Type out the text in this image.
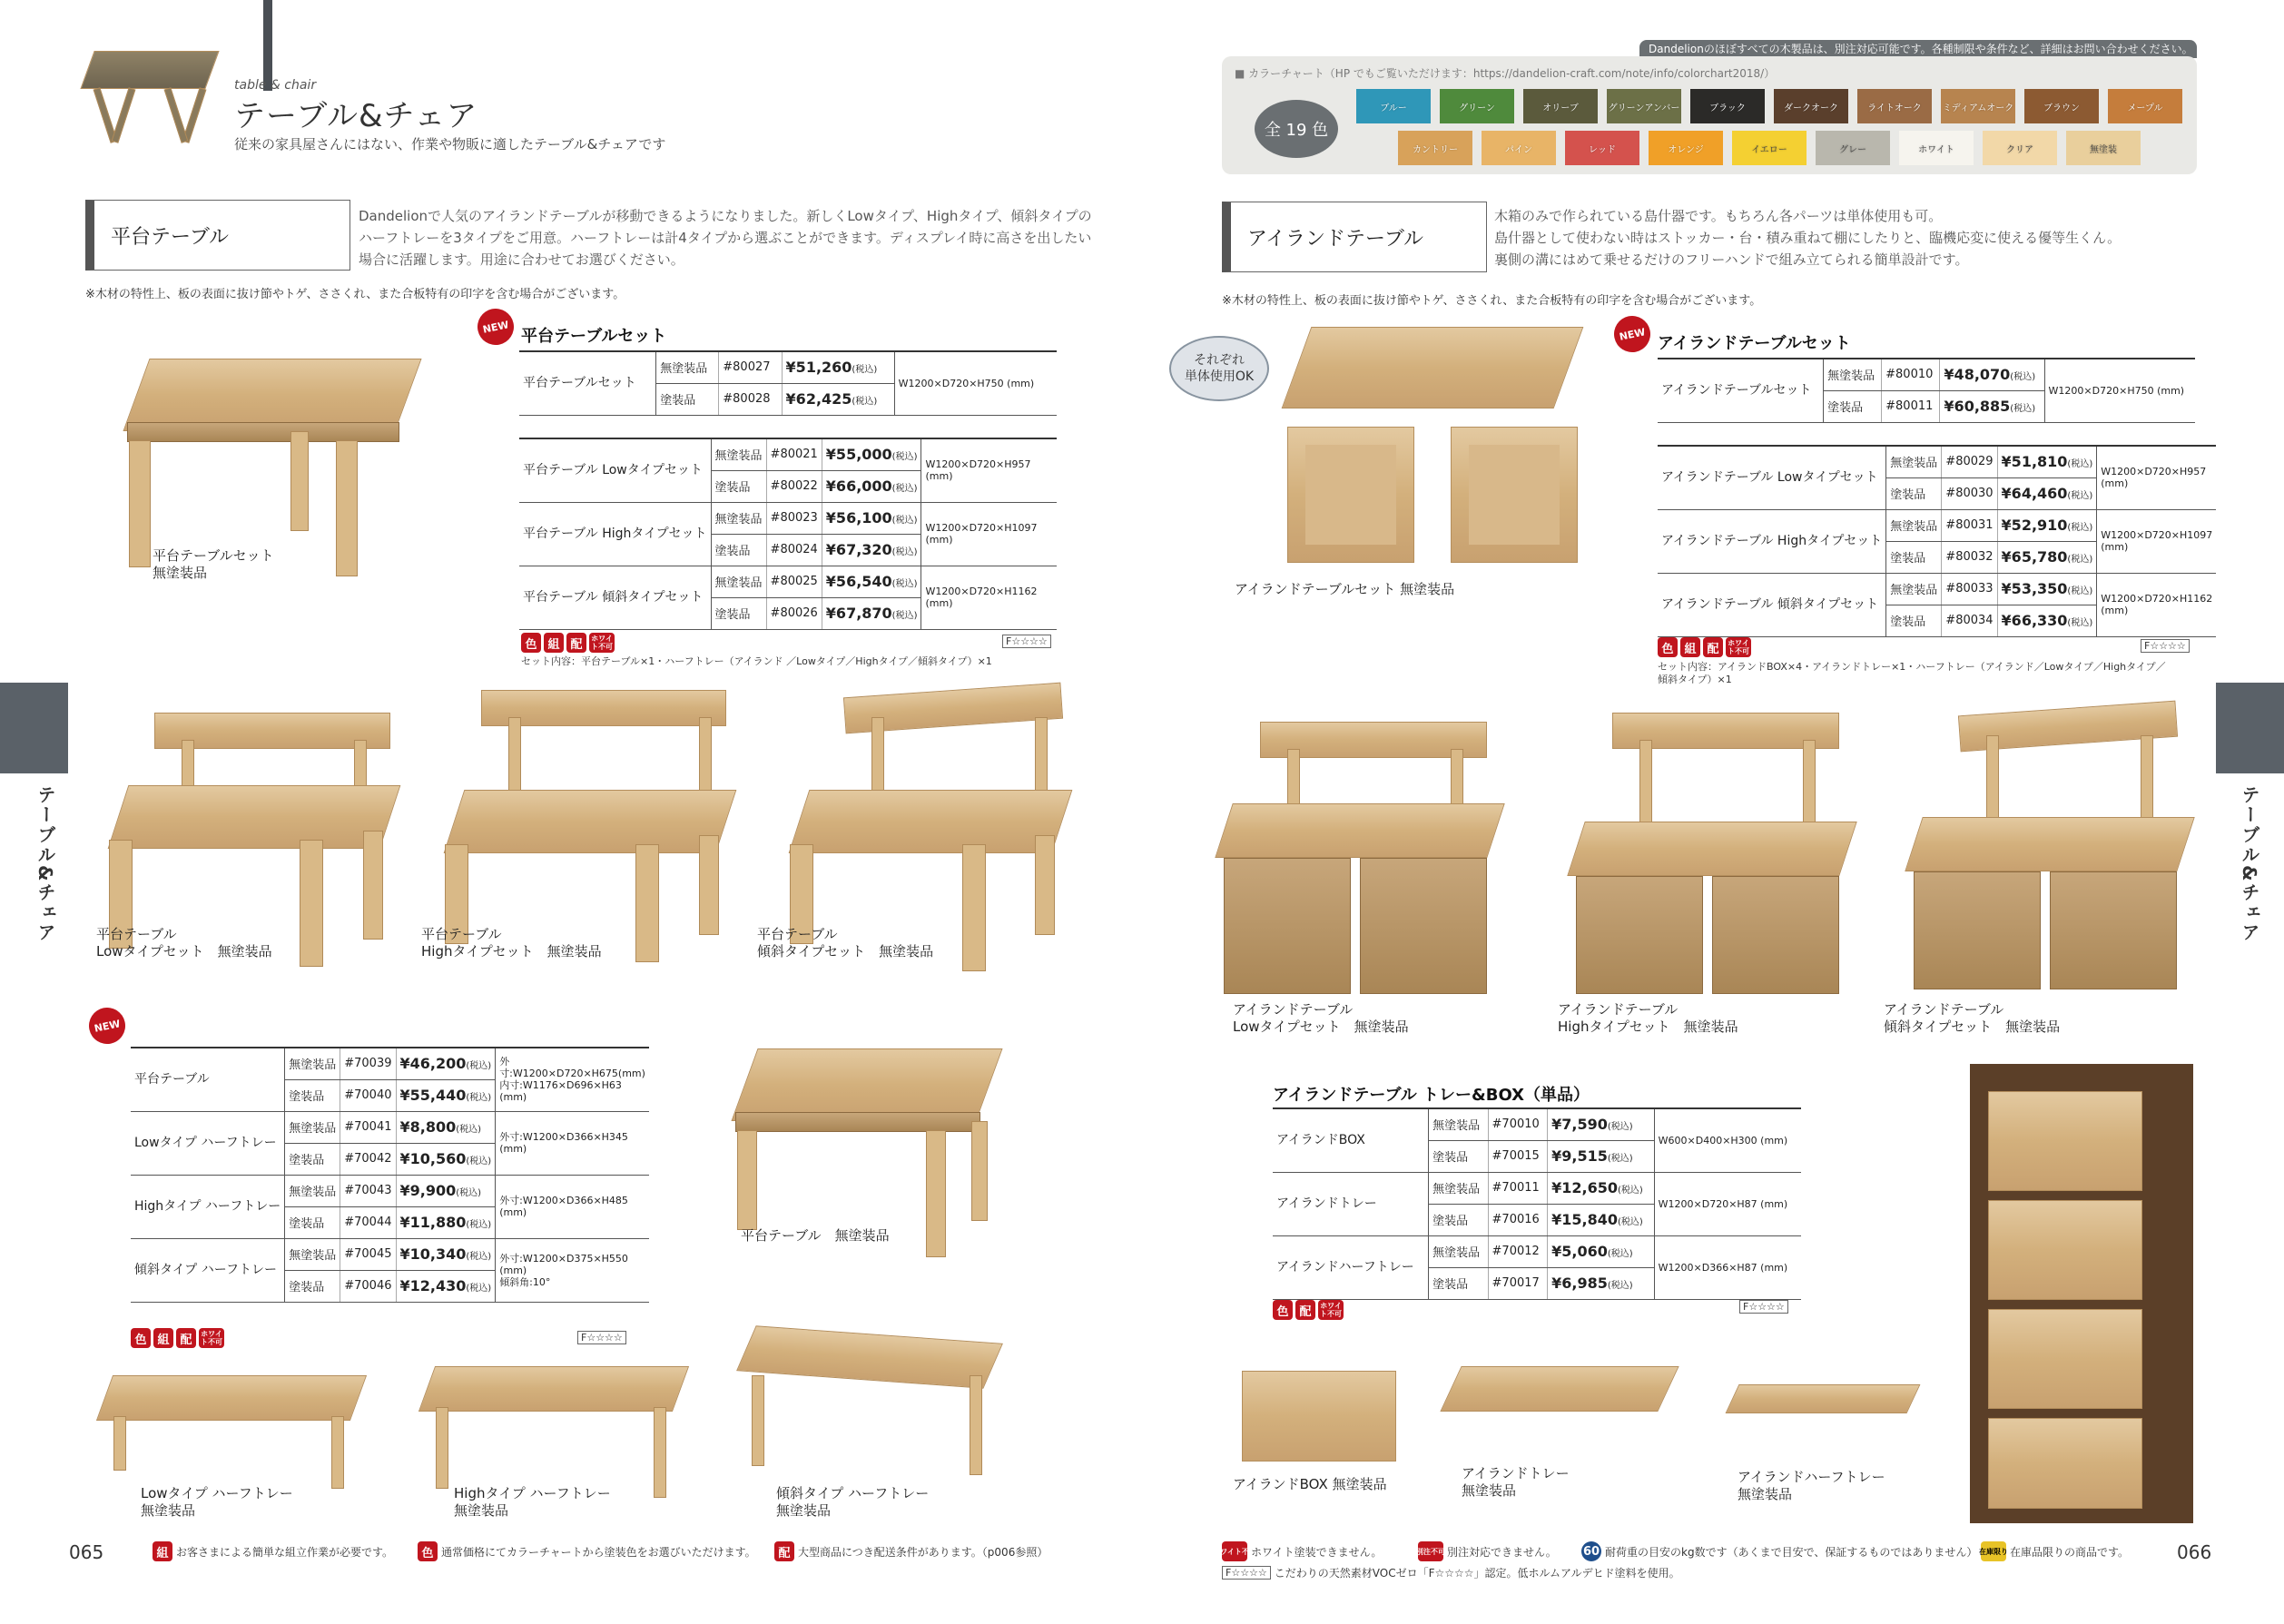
table & chair
テーブル&チェア
従来の家具屋さんにはない、作業や物販に適したテーブル&チェアです
平台テーブル
Dandelionで人気のアイランドテーブルが移動できるようになりました。新しくLowタイプ、Highタイプ、傾斜タイプのハーフトレーを3タイプをご用意。ハーフトレーは計4タイプから選ぶことができます。ディスプレイ時に高さを出したい場合に活躍します。用途に合わせてお選びください。
※木材の特性上、板の表面に抜け節やトゲ、ささくれ、また合板特有の印字を含む場合がございます。
平台テーブルセット
無塗装品
NEW 平台テーブルセット
平台テーブルセット	無塗装品	#80027	¥51,260(税込)	W1200×D720×H750 (mm)
	塗装品	#80028	¥62,425(税込)	
平台テーブル Lowタイプセット	無塗装品	#80021	¥55,000(税込)	W1200×D720×H957 (mm)
	塗装品	#80022	¥66,000(税込)	
平台テーブル Highタイプセット	無塗装品	#80023	¥56,100(税込)	W1200×D720×H1097 (mm)
	塗装品	#80024	¥67,320(税込)	
平台テーブル 傾斜タイプセット	無塗装品	#80025	¥56,540(税込)	W1200×D720×H1162 (mm)
	塗装品	#80026	¥67,870(税込)	
色 組 配	ホワイト不可	F☆☆☆☆
セット内容：平台テーブル×1・ハーフトレー（アイランド ／Lowタイプ／Highタイプ／傾斜タイプ）×1
テーブル&チェア	平台テーブル
Lowタイプセット　無塗装品
平台テーブル
Highタイプセット　無塗装品
平台テーブル
傾斜タイプセット　無塗装品
NEW
平台テーブル	無塗装品	#70039	¥46,200(税込)	外寸:W1200×D720×H675(mm)
内寸:W1176×D696×H63 (mm)
	塗装品	#70040	¥55,440(税込)	
Lowタイプ ハーフトレー	無塗装品	#70041	¥8,800(税込)	外寸:W1200×D366×H345 (mm)
	塗装品	#70042	¥10,560(税込)	
Highタイプ ハーフトレー	無塗装品	#70043	¥9,900(税込)	外寸:W1200×D366×H485 (mm)
	塗装品	#70044	¥11,880(税込)	
傾斜タイプ ハーフトレー	無塗装品	#70045	¥10,340(税込)	外寸:W1200×D375×H550 (mm)
傾斜角:10°
	塗装品	#70046	¥12,430(税込)	
色 組 配	ホワイト不可	F☆☆☆☆
平台テーブル　無塗装品
Lowタイプ ハーフトレー
無塗装品
Highタイプ ハーフトレー
無塗装品
傾斜タイプ ハーフトレー
無塗装品
組 お客さまによる簡単な組立作業が必要です。	色 通常価格にてカラーチャートから塗装色をお選びいただけます。	配 大型商品につき配送条件があります。（p006参照）
065
Dandelionのほぼすべての木製品は、別注対応可能です。各種制限や条件など、詳細はお問い合わせください。
■ カラーチャート（HP でもご覧いただけます：https://dandelion-craft.com/note/info/colorchart2018/）
全 19 色
ブルー	グリーン	オリーブ	グリーンアンバー	ブラック	ダークオーク	ライトオーク	ミディアムオーク	ブラウン	メープル
カントリー	パイン	レッド	オレンジ	イエロー	グレー	ホワイト	クリア	無塗装
アイランドテーブル
木箱のみで作られている島什器です。もちろん各パーツは単体使用も可。
島什器として使わない時はストッカー・台・積み重ねて棚にしたりと、臨機応変に使える優等生くん。
裏側の溝にはめて乗せるだけのフリーハンドで組み立てられる簡単設計です。
※木材の特性上、板の表面に抜け節やトゲ、ささくれ、また合板特有の印字を含む場合がございます。
それぞれ
単体使用OK
アイランドテーブルセット 無塗装品
NEW アイランドテーブルセット
アイランドテーブルセット	無塗装品	#80010	¥48,070(税込)	W1200×D720×H750 (mm)
	塗装品	#80011	¥60,885(税込)	
アイランドテーブル Lowタイプセット	無塗装品	#80029	¥51,810(税込)	W1200×D720×H957 (mm)
	塗装品	#80030	¥64,460(税込)	
アイランドテーブル Highタイプセット	無塗装品	#80031	¥52,910(税込)	W1200×D720×H1097 (mm)
	塗装品	#80032	¥65,780(税込)	
アイランドテーブル 傾斜タイプセット	無塗装品	#80033	¥53,350(税込)	W1200×D720×H1162 (mm)
	塗装品	#80034	¥66,330(税込)	
色 組 配	ホワイト不可	F☆☆☆☆
セット内容：アイランドBOX×4・アイランドトレー×1・ハーフトレー（アイランド／Lowタイプ／Highタイプ／傾斜タイプ）×1
テーブル&チェア
アイランドテーブル
Lowタイプセット　無塗装品
アイランドテーブル
Highタイプセット　無塗装品
アイランドテーブル
傾斜タイプセット　無塗装品
アイランドテーブル トレー&BOX（単品）
アイランドBOX	無塗装品	#70010	¥7,590(税込)	W600×D400×H300 (mm)
	塗装品	#70015	¥9,515(税込)	
アイランドトレー	無塗装品	#70011	¥12,650(税込)	W1200×D720×H87 (mm)
	塗装品	#70016	¥15,840(税込)	
アイランドハーフトレー	無塗装品	#70012	¥5,060(税込)	W1200×D366×H87 (mm)
	塗装品	#70017	¥6,985(税込)	
色 配	ホワイト不可
F☆☆☆☆
アイランドBOX 無塗装品
アイランドトレー
無塗装品
アイランドハーフトレー
無塗装品
ホワイト不可
ホワイト塗装できません。	別注不可 別注対応できません。 60 耐荷重の目安のkg数です（あくまで目安で、保証するものではありません） 在庫限り 在庫品限りの商品です。
F☆☆☆☆ こだわりの天然素材VOCゼロ「F☆☆☆☆」認定。低ホルムアルデヒド塗料を使用。
066
